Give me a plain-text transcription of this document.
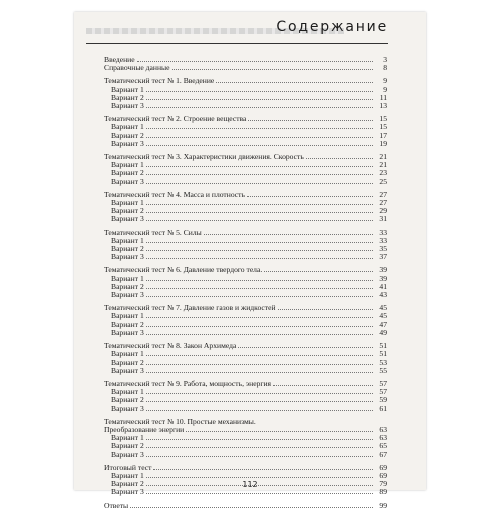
Содержание
Введение	3
Справочные данные	8
Тематический тест № 1. Введение	9
Вариант 1	9
Вариант 2	11
Вариант 3	13
Тематический тест № 2. Строение вещества	15
Вариант 1	15
Вариант 2	17
Вариант 3	19
Тематический тест № 3. Характеристики движения. Скорость	21
Вариант 1	21
Вариант 2	23
Вариант 3	25
Тематический тест № 4. Масса и плотность	27
Вариант 1	27
Вариант 2	29
Вариант 3	31
Тематический тест № 5. Силы	33
Вариант 1	33
Вариант 2	35
Вариант 3	37
Тематический тест № 6. Давление твердого тела.	39
Вариант 1	39
Вариант 2	41
Вариант 3	43
Тематический тест № 7. Давление газов и жидкостей	45
Вариант 1	45
Вариант 2	47
Вариант 3	49
Тематический тест № 8. Закон Архимеда	51
Вариант 1	51
Вариант 2	53
Вариант 3	55
Тематический тест № 9. Работа, мощность, энергия	57
Вариант 1	57
Вариант 2	59
Вариант 3	61
Тематический тест № 10. Простые механизмы.
Преобразование энергии	63
Вариант 1	63
Вариант 2	65
Вариант 3	67
Итоговый тест	69
Вариант 1	69
Вариант 2	79
Вариант 3	89
Ответы	99
112
